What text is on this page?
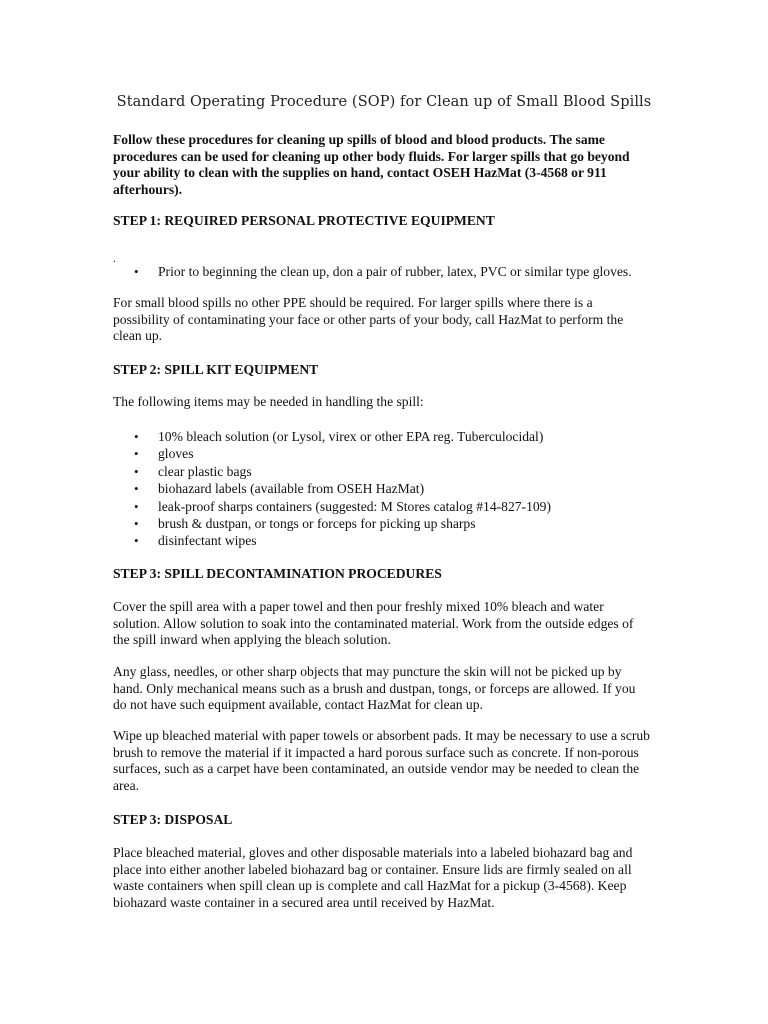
Standard Operating Procedure (SOP) for Clean up of Small Blood Spills

Follow these procedures for cleaning up spills of blood and blood products. The same procedures can be used for cleaning up other body fluids. For larger spills that go beyond your ability to clean with the supplies on hand, contact OSEH HazMat (3-4568 or 911 afterhours).

STEP 1: REQUIRED PERSONAL PROTECTIVE EQUIPMENT
.
• Prior to beginning the clean up, don a pair of rubber, latex, PVC or similar type gloves.

For small blood spills no other PPE should be required. For larger spills where there is a possibility of contaminating your face or other parts of your body, call HazMat to perform the clean up.

STEP 2: SPILL KIT EQUIPMENT

The following items may be needed in handling the spill:

• 10% bleach solution (or Lysol, virex or other EPA reg. Tuberculocidal)
• gloves
• clear plastic bags
• biohazard labels (available from OSEH HazMat)
• leak-proof sharps containers (suggested: M Stores catalog #14-827-109)
• brush & dustpan, or tongs or forceps for picking up sharps
• disinfectant wipes
STEP 3: SPILL DECONTAMINATION PROCEDURES

Cover the spill area with a paper towel and then pour freshly mixed 10% bleach and water solution. Allow solution to soak into the contaminated material. Work from the outside edges of the spill inward when applying the bleach solution.

Any glass, needles, or other sharp objects that may puncture the skin will not be picked up by hand. Only mechanical means such as a brush and dustpan, tongs, or forceps are allowed. If you do not have such equipment available, contact HazMat for clean up.

Wipe up bleached material with paper towels or absorbent pads. It may be necessary to use a scrub brush to remove the material if it impacted a hard porous surface such as concrete. If non-porous surfaces, such as a carpet have been contaminated, an outside vendor may be needed to clean the area.

STEP 3: DISPOSAL

Place bleached material, gloves and other disposable materials into a labeled biohazard bag and place into either another labeled biohazard bag or container. Ensure lids are firmly sealed on all waste containers when spill clean up is complete and call HazMat for a pickup (3-4568). Keep biohazard waste container in a secured area until received by HazMat.
